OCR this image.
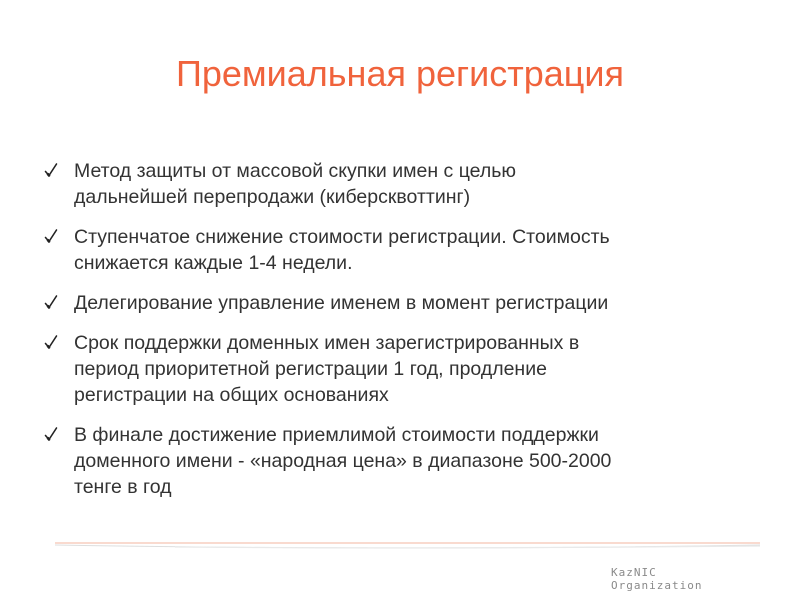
Премиальная регистрация
Метод защиты от массовой скупки имен с целью
дальнейшей перепродажи (киберсквоттинг)
Ступенчатое снижение стоимости регистрации. Стоимость
снижается каждые 1-4 недели.
Делегирование управление именем в момент регистрации
Срок поддержки доменных имен зарегистрированных в
период приоритетной регистрации 1 год, продление
регистрации на общих основаниях
В финале достижение приемлимой стоимости поддержки
доменного имени - «народная цена» в диапазоне 500-2000
тенге в год
KazNIC
Organization
